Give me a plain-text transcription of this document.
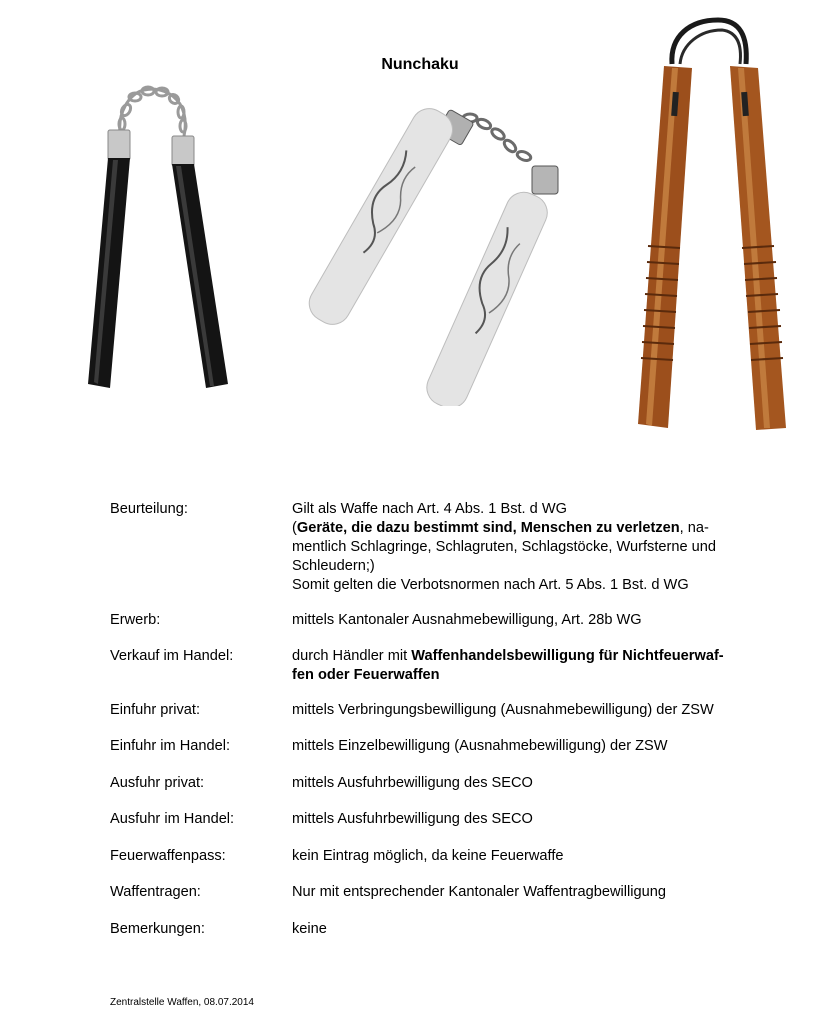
Nunchaku
Beurteilung:	Gilt als Waffe nach Art. 4 Abs. 1 Bst. d WG
(Geräte, die dazu bestimmt sind, Menschen zu verletzen, na-
mentlich Schlagringe, Schlagruten, Schlagstöcke, Wurfsterne und
Schleudern;)
Somit gelten die Verbotsnormen nach Art. 5 Abs. 1 Bst. d WG
Erwerb:	mittels Kantonaler Ausnahmebewilligung, Art. 28b WG
Verkauf im Handel:	durch Händler mit Waffenhandelsbewilligung für Nichtfeuerwaf-
fen oder Feuerwaffen
Einfuhr privat:	mittels Verbringungsbewilligung (Ausnahmebewilligung) der ZSW
Einfuhr im Handel:	mittels Einzelbewilligung (Ausnahmebewilligung) der ZSW
Ausfuhr privat:	mittels Ausfuhrbewilligung des SECO
Ausfuhr im Handel:	mittels Ausfuhrbewilligung des SECO
Feuerwaffenpass:	kein Eintrag möglich, da keine Feuerwaffe
Waffentragen:	Nur mit entsprechender Kantonaler Waffentragbewilligung
Bemerkungen:	keine
Zentralstelle Waffen, 08.07.2014
